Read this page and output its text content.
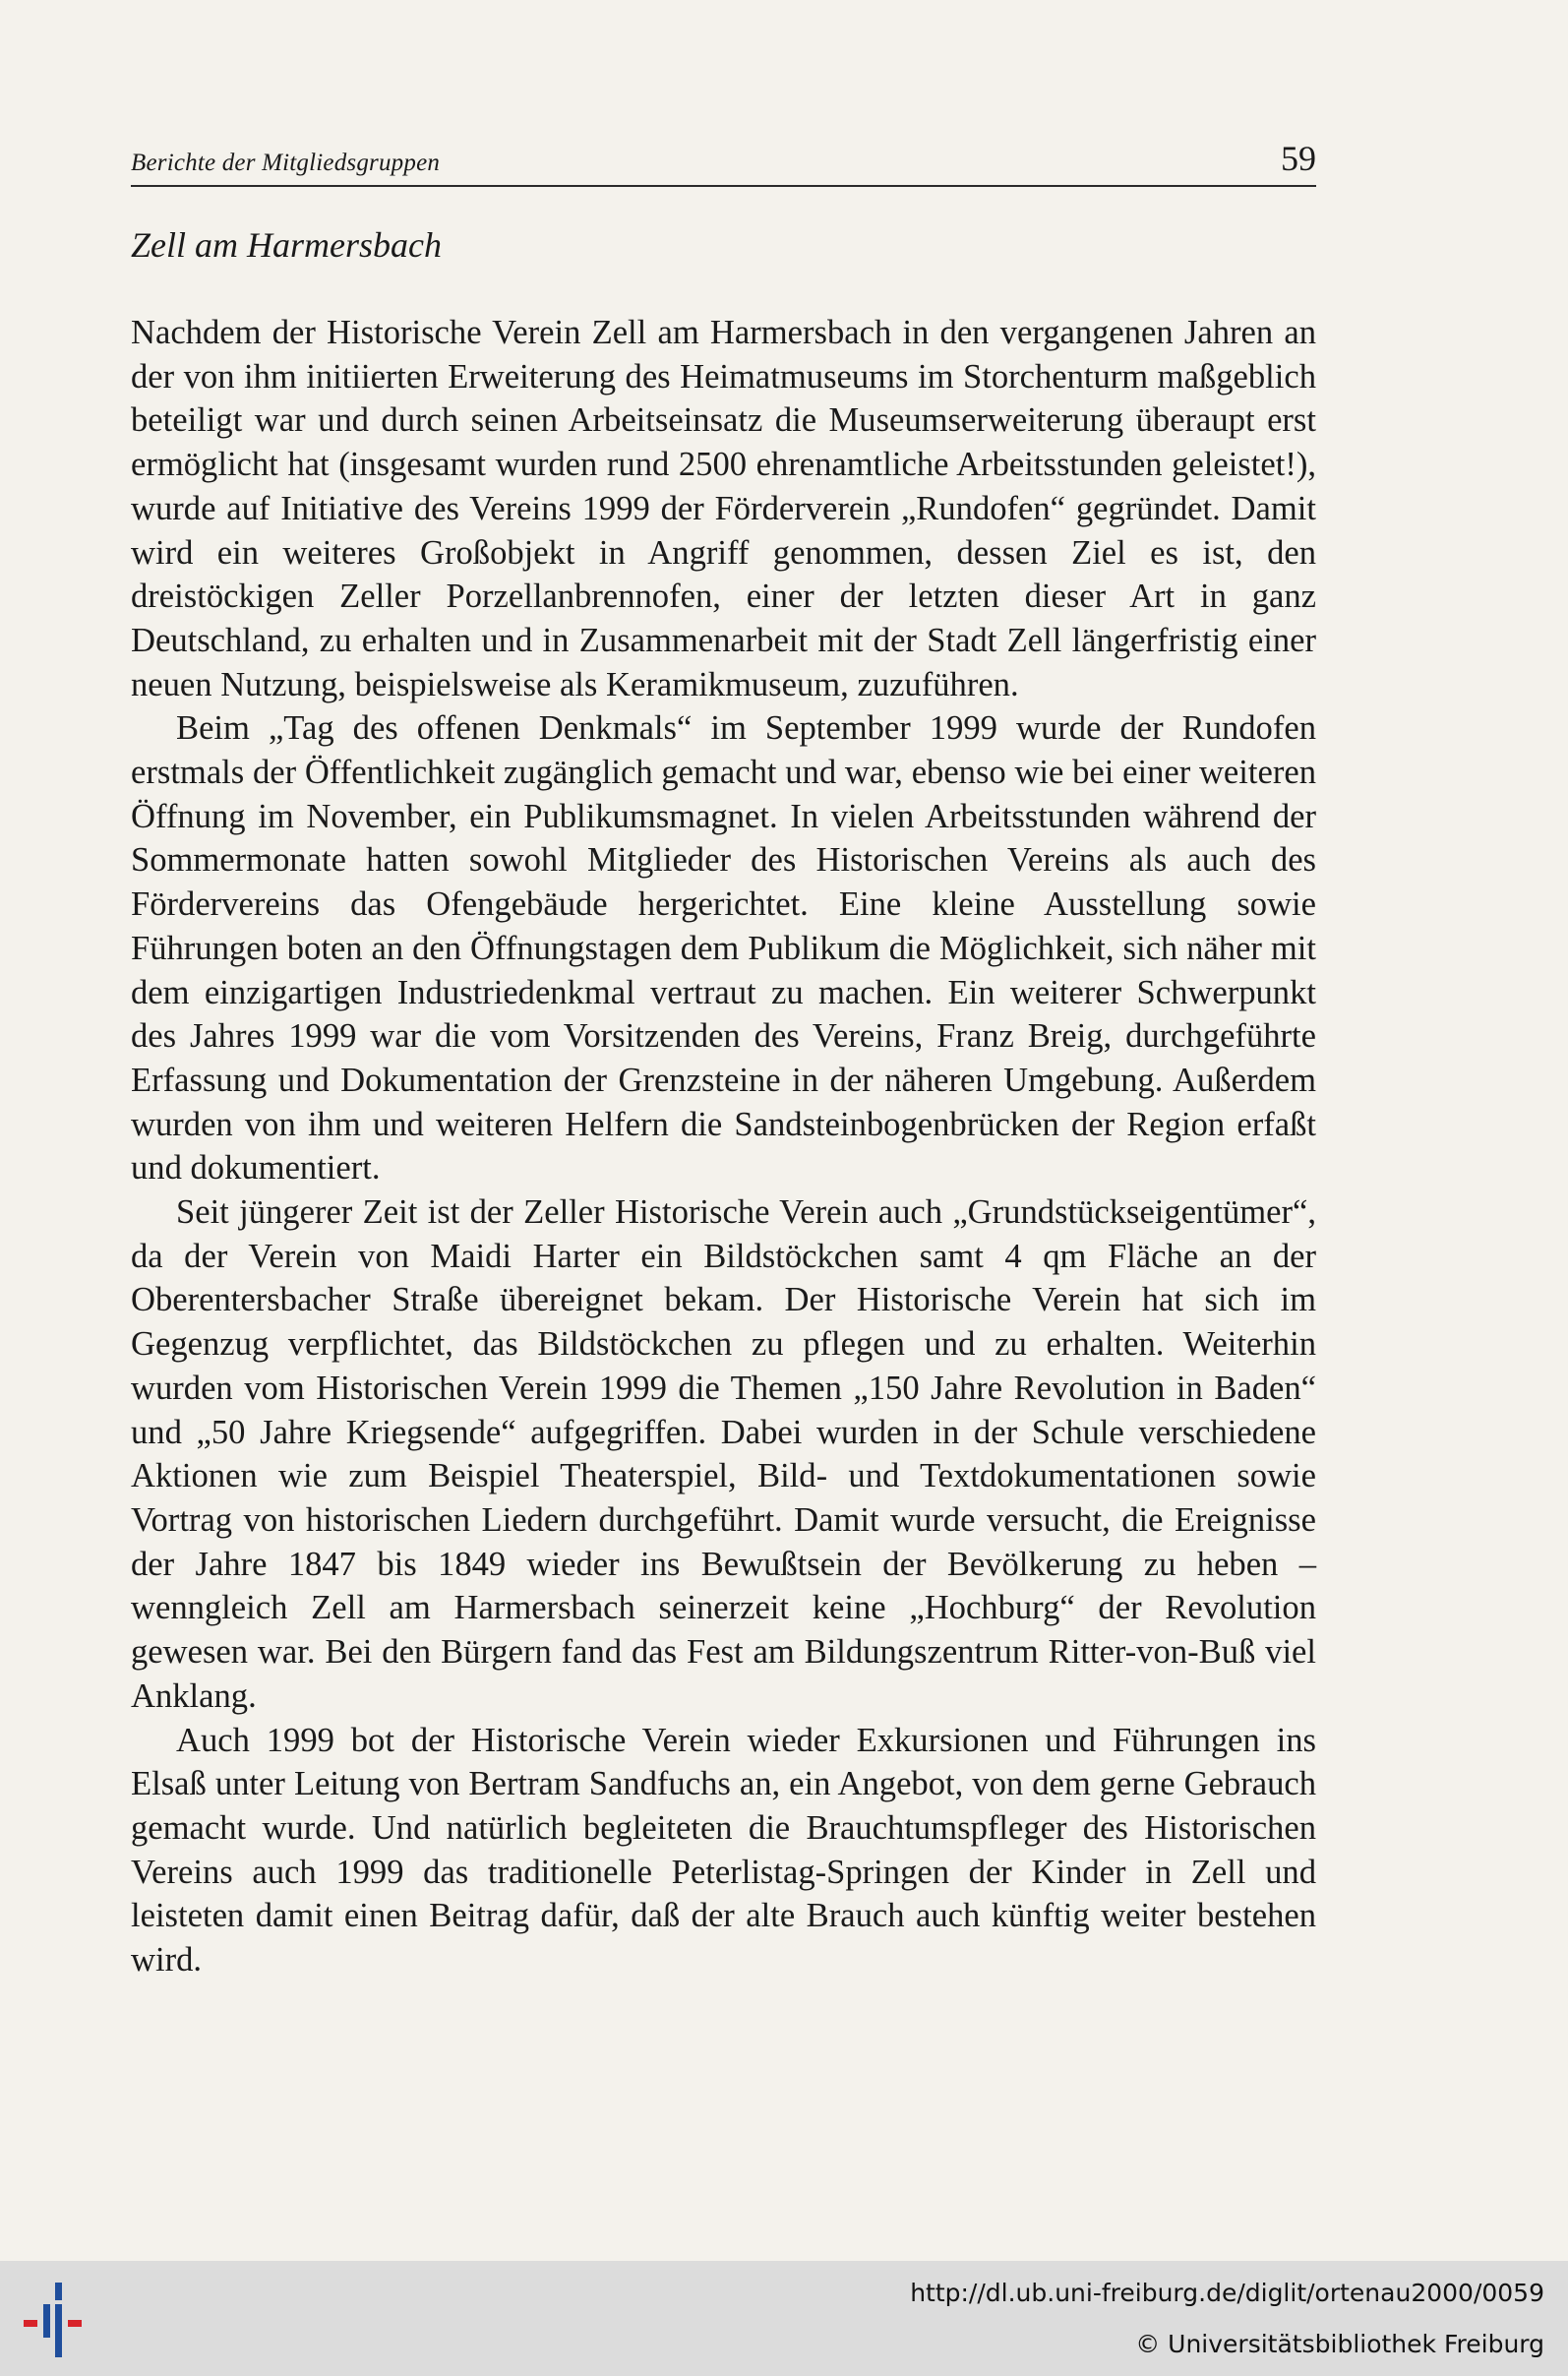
Berichte der Mitgliedsgruppen	59
Zell am Harmersbach

Nachdem der Historische Verein Zell am Harmersbach in den vergangenen Jahren an der von ihm initiierten Erweiterung des Heimatmuseums im Storchenturm maßgeblich beteiligt war und durch seinen Arbeitseinsatz die Museumserweiterung überaupt erst ermöglicht hat (insgesamt wurden rund 2500 ehrenamtliche Arbeitsstunden geleistet!), wurde auf Initiative des Vereins 1999 der Förderverein „Rundofen“ gegründet. Damit wird ein weiteres Großobjekt in Angriff genommen, dessen Ziel es ist, den dreistöckigen Zeller Porzellanbrennofen, einer der letzten dieser Art in ganz Deutschland, zu erhalten und in Zusammenarbeit mit der Stadt Zell längerfristig einer neuen Nutzung, beispielsweise als Keramikmuseum, zuzuführen.

Beim „Tag des offenen Denkmals“ im September 1999 wurde der Rundofen erstmals der Öffentlichkeit zugänglich gemacht und war, ebenso wie bei einer weiteren Öffnung im November, ein Publikumsmagnet. In vielen Arbeitsstunden während der Sommermonate hatten sowohl Mitglieder des Historischen Vereins als auch des Fördervereins das Ofengebäude hergerichtet. Eine kleine Ausstellung sowie Führungen boten an den Öffnungstagen dem Publikum die Möglichkeit, sich näher mit dem einzigartigen Industriedenkmal vertraut zu machen. Ein weiterer Schwerpunkt des Jahres 1999 war die vom Vorsitzenden des Vereins, Franz Breig, durchgeführte Erfassung und Dokumentation der Grenzsteine in der näheren Umgebung. Außerdem wurden von ihm und weiteren Helfern die Sandsteinbogenbrücken der Region erfaßt und dokumentiert.

Seit jüngerer Zeit ist der Zeller Historische Verein auch „Grundstückseigentümer“, da der Verein von Maidi Harter ein Bildstöckchen samt 4 qm Fläche an der Oberentersbacher Straße übereignet bekam. Der Historische Verein hat sich im Gegenzug verpflichtet, das Bildstöckchen zu pflegen und zu erhalten. Weiterhin wurden vom Historischen Verein 1999 die Themen „150 Jahre Revolution in Baden“ und „50 Jahre Kriegsende“ aufgegriffen. Dabei wurden in der Schule verschiedene Aktionen wie zum Beispiel Theaterspiel, Bild- und Textdokumentationen sowie Vortrag von historischen Liedern durchgeführt. Damit wurde versucht, die Ereignisse der Jahre 1847 bis 1849 wieder ins Bewußtsein der Bevölkerung zu heben – wenngleich Zell am Harmersbach seinerzeit keine „Hochburg“ der Revolution gewesen war. Bei den Bürgern fand das Fest am Bildungszentrum Ritter-von-Buß viel Anklang.

Auch 1999 bot der Historische Verein wieder Exkursionen und Führungen ins Elsaß unter Leitung von Bertram Sandfuchs an, ein Angebot, von dem gerne Gebrauch gemacht wurde. Und natürlich begleiteten die Brauchtumspfleger des Historischen Vereins auch 1999 das traditionelle Peterlistag-Springen der Kinder in Zell und leisteten damit einen Beitrag dafür, daß der alte Brauch auch künftig weiter bestehen wird.

http://dl.ub.uni-freiburg.de/diglit/ortenau2000/0059
© Universitätsbibliothek Freiburg
